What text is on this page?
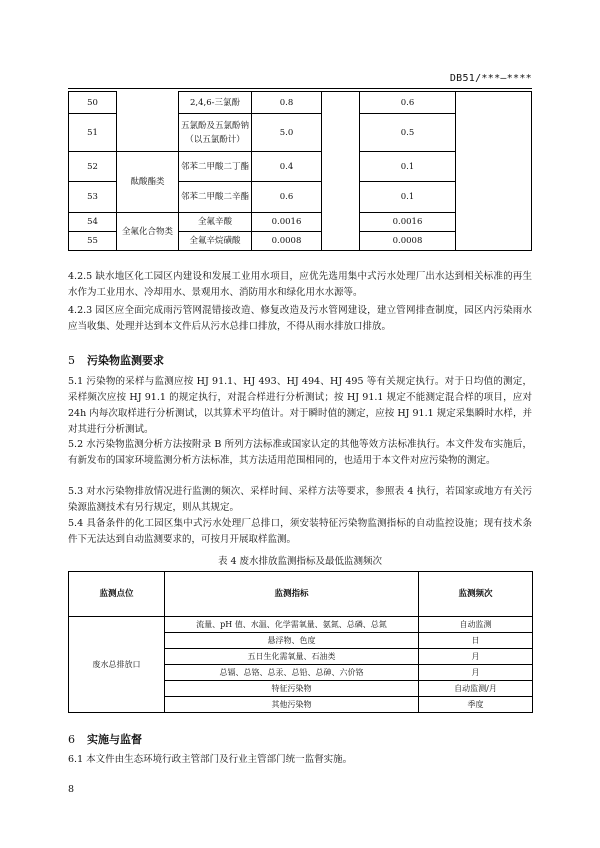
DB51/***—****
50		2,4,6-三氯酚	0.8		0.6	
51		五氯酚及五氯酚钠（以五氯酚计）	5.0		0.5	
52	酞酸酯类	邻苯二甲酸二丁酯	0.4		0.1	
53		邻苯二甲酸二辛酯	0.6		0.1	
54	全氟化合物类	全氟辛酸	0.0016		0.0016	
55		全氟辛烷磺酸	0.0008		0.0008	
4.2.5 缺水地区化工园区内建设和发展工业用水项目，应优先选用集中式污水处理厂出水达到相关标准的再生水作为工业用水、冷却用水、景观用水、消防用水和绿化用水水源等。
4.2.3 园区应全面完成雨污管网混错接改造、修复改造及污水管网建设，建立管网排查制度，园区内污染雨水应当收集、处理并达到本文件后从污水总排口排放，不得从雨水排放口排放。
5 污染物监测要求
5.1 污染物的采样与监测应按 HJ 91.1、HJ 493、HJ 494、HJ 495 等有关规定执行。对于日均值的测定，采样频次应按 HJ 91.1 的规定执行，对混合样进行分析测试；按 HJ 91.1 规定不能测定混合样的项目，应对 24h 内每次取样进行分析测试，以其算术平均值计。对于瞬时值的测定，应按 HJ 91.1 规定采集瞬时水样，并对其进行分析测试。
5.2 水污染物监测分析方法按附录 B 所列方法标准或国家认定的其他等效方法标准执行。本文件发布实施后，有新发布的国家环境监测分析方法标准，其方法适用范围相同的，也适用于本文件对应污染物的测定。
5.3 对水污染物排放情况进行监测的频次、采样时间、采样方法等要求，参照表 4 执行，若国家或地方有关污染源监测技术有另行规定，则从其规定。
5.4 具备条件的化工园区集中式污水处理厂总排口，须安装特征污染物监测指标的自动监控设施；现有技术条件下无法达到自动监测要求的，可按月开展取样监测。
表 4 废水排放监测指标及最低监测频次
监测点位	监测指标	监测频次
废水总排放口	流量、pH 值、水温、化学需氧量、氨氮、总磷、总氮	自动监测
	悬浮物、色度	日
	五日生化需氧量、石油类	月
	总镉、总铬、总汞、总铅、总砷、六价铬	月
	特征污染物	自动监测/月
	其他污染物	季度
6 实施与监督
6.1 本文件由生态环境行政主管部门及行业主管部门统一监督实施。
8
